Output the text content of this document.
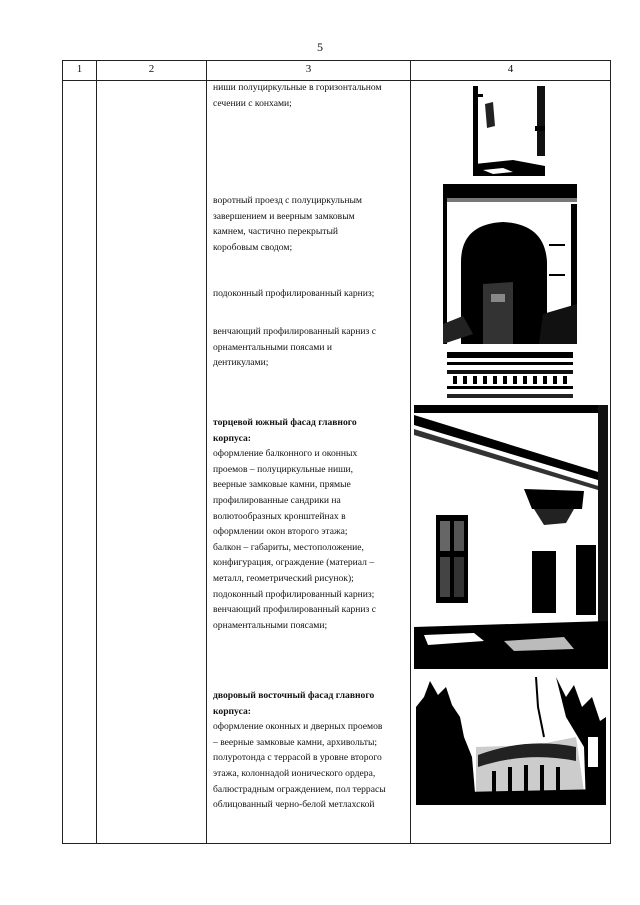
5
1	2	3	4

ниши полуциркульные в горизонтальном

сечении с конхами;

воротный проезд с полуциркульным

завершением и веерным замковым

камнем, частично перекрытый

коробовым сводом;

подоконный профилированный карниз;

венчающий профилированный карниз с

орнаментальными поясами и

дентикулами;

торцевой южный фасад главного

корпуса:

оформление балконного и оконных

проемов – полуциркульные ниши,

веерные замковые камни, прямые

профилированные сандрики на

волютообразных кронштейнах в

оформлении окон второго этажа;

балкон – габариты, местоположение,

конфигурация, ограждение (материал –

металл, геометрический рисунок);

подоконный профилированный карниз;

венчающий профилированный карниз с

орнаментальными поясами;

дворовый восточный фасад главного

корпуса:

оформление оконных и дверных проемов

– веерные замковые камни, архивольты;

полуротонда с террасой в уровне второго

этажа, колоннадой ионического ордера,

балюстрадным ограждением, пол террасы

облицованный черно-белой метлахской
